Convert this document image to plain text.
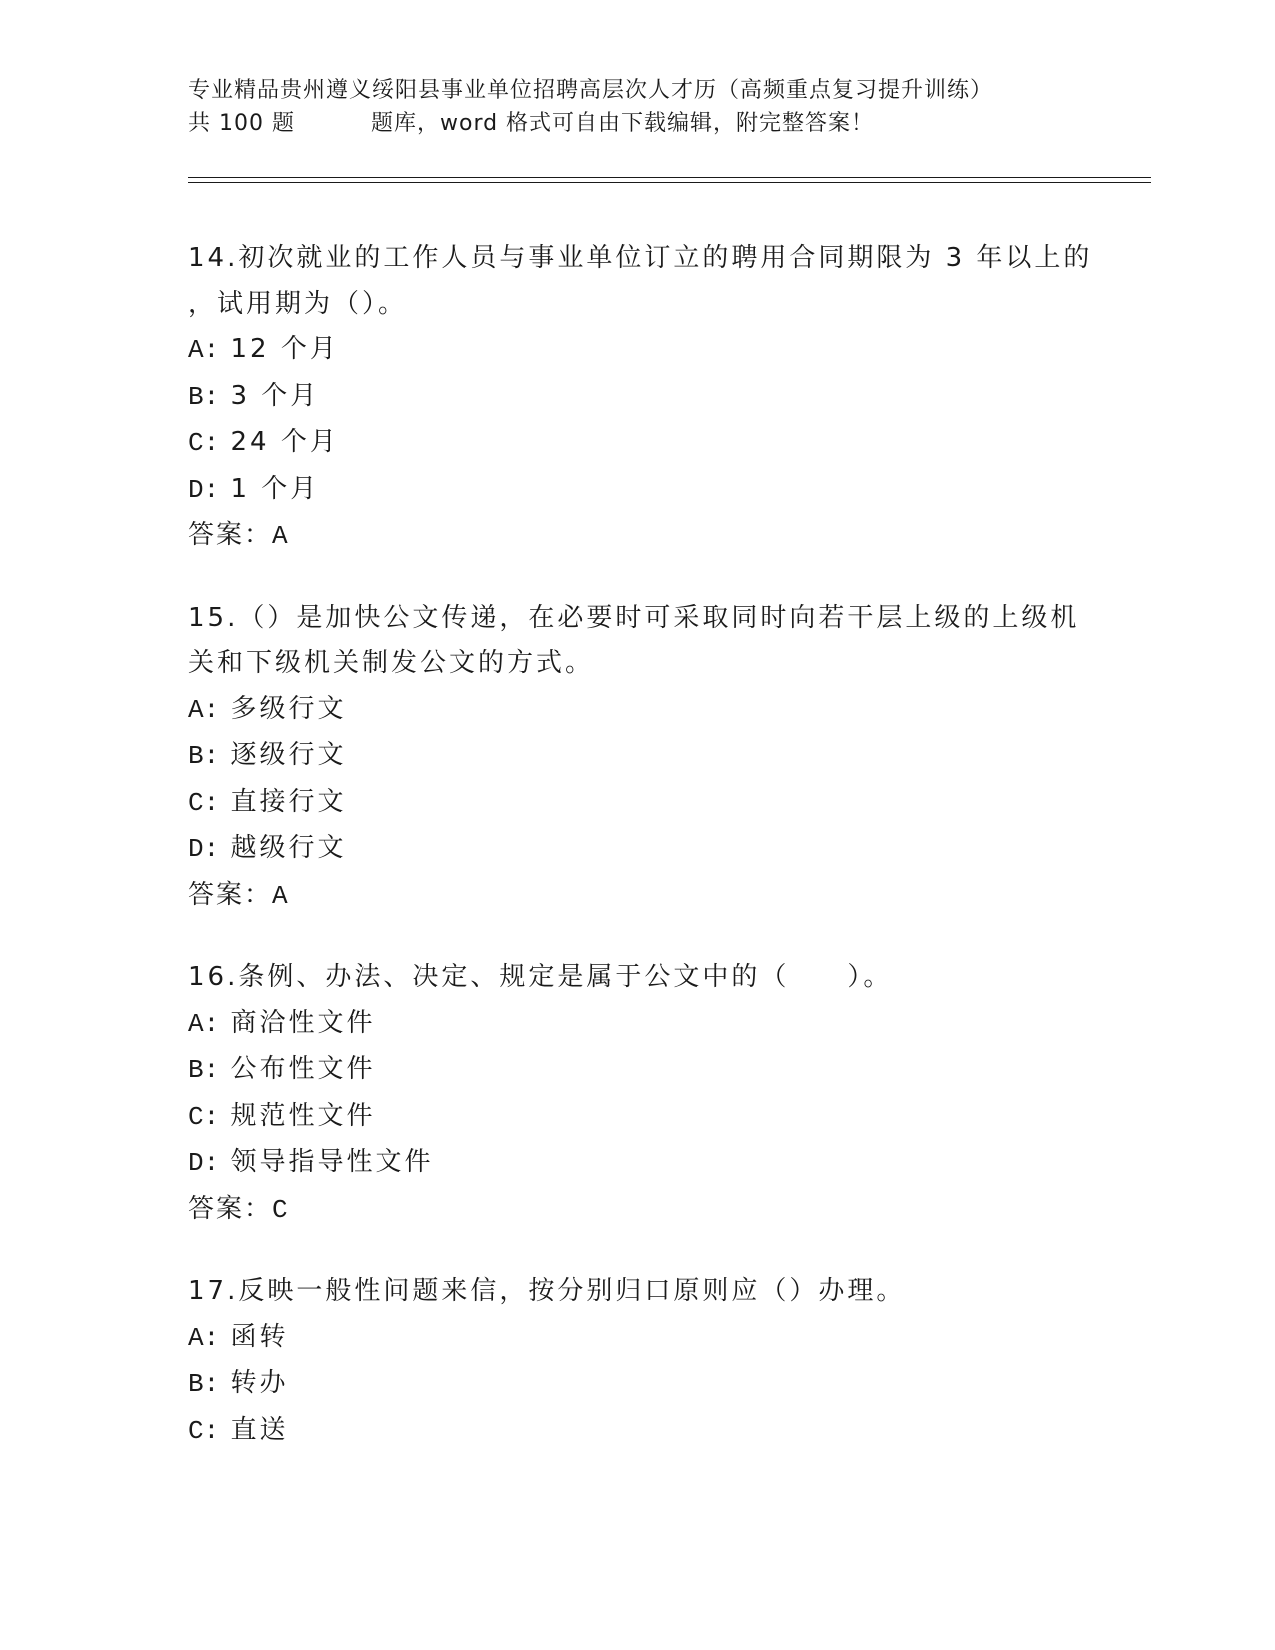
专业精品贵州遵义绥阳县事业单位招聘高层次人才历（高频重点复习提升训练）
共 100 题	题库，word 格式可自由下载编辑，附完整答案！
14.初次就业的工作人员与事业单位订立的聘用合同期限为 3 年以上的
，试用期为（）。
A: 12 个月
B: 3 个月
C: 24 个月
D: 1 个月
答案：A
15.（）是加快公文传递，在必要时可采取同时向若干层上级的上级机
关和下级机关制发公文的方式。
A: 多级行文
B: 逐级行文
C: 直接行文
D: 越级行文
答案：A
16.条例、办法、决定、规定是属于公文中的（　　）。
A: 商洽性文件
B: 公布性文件
C: 规范性文件
D: 领导指导性文件
答案：C
17.反映一般性问题来信，按分别归口原则应（）办理。
A: 函转
B: 转办
C: 直送
